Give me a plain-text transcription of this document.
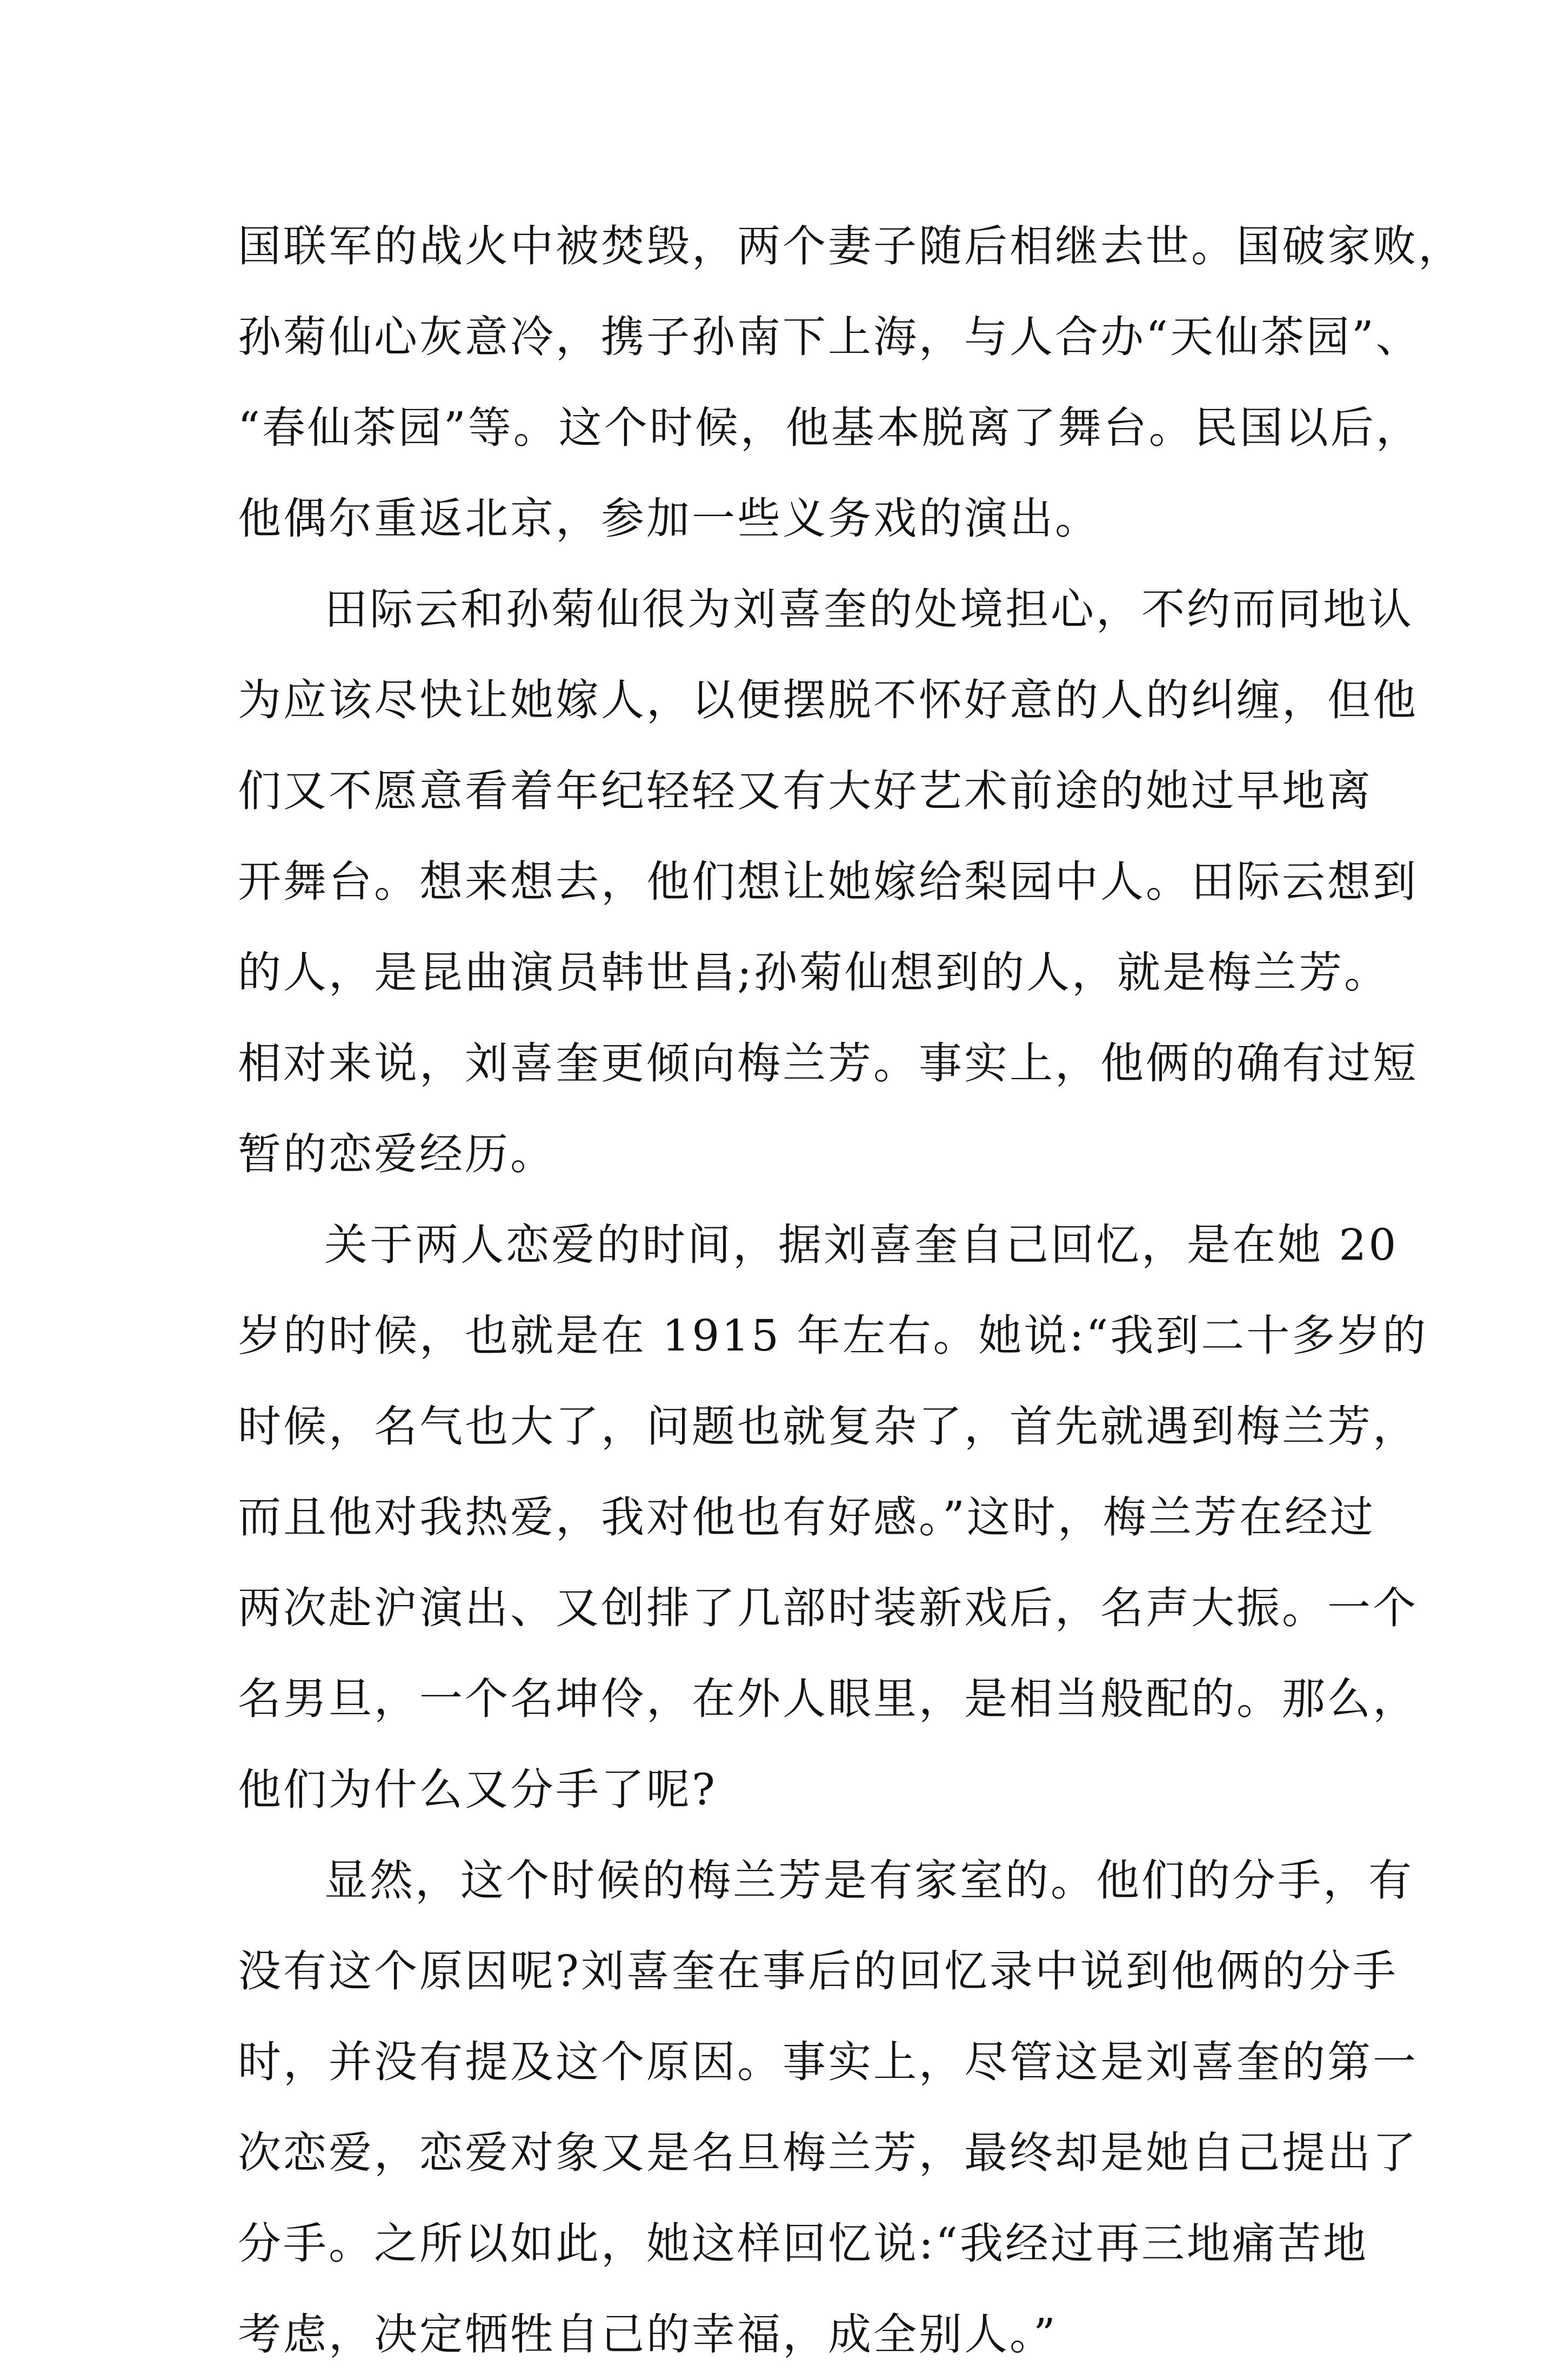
国联军的战火中被焚毁，两个妻子随后相继去世。国破家败，
孙菊仙心灰意冷，携子孙南下上海，与人合办“天仙茶园”、
“春仙茶园”等。这个时候，他基本脱离了舞台。民国以后，
他偶尔重返北京，参加一些义务戏的演出。
田际云和孙菊仙很为刘喜奎的处境担心，不约而同地认
为应该尽快让她嫁人，以便摆脱不怀好意的人的纠缠，但他
们又不愿意看着年纪轻轻又有大好艺术前途的她过早地离
开舞台。想来想去，他们想让她嫁给梨园中人。田际云想到
的人，是昆曲演员韩世昌;孙菊仙想到的人，就是梅兰芳。
相对来说，刘喜奎更倾向梅兰芳。事实上，他俩的确有过短
暂的恋爱经历。
关于两人恋爱的时间，据刘喜奎自己回忆，是在她 20
岁的时候，也就是在 1915 年左右。她说:“我到二十多岁的
时候，名气也大了，问题也就复杂了，首先就遇到梅兰芳，
而且他对我热爱，我对他也有好感。”这时，梅兰芳在经过
两次赴沪演出、又创排了几部时装新戏后，名声大振。一个
名男旦，一个名坤伶，在外人眼里，是相当般配的。那么，
他们为什么又分手了呢?
显然，这个时候的梅兰芳是有家室的。他们的分手，有
没有这个原因呢?刘喜奎在事后的回忆录中说到他俩的分手
时，并没有提及这个原因。事实上，尽管这是刘喜奎的第一
次恋爱，恋爱对象又是名旦梅兰芳，最终却是她自己提出了
分手。之所以如此，她这样回忆说:“我经过再三地痛苦地
考虑，决定牺牲自己的幸福，成全别人。”
